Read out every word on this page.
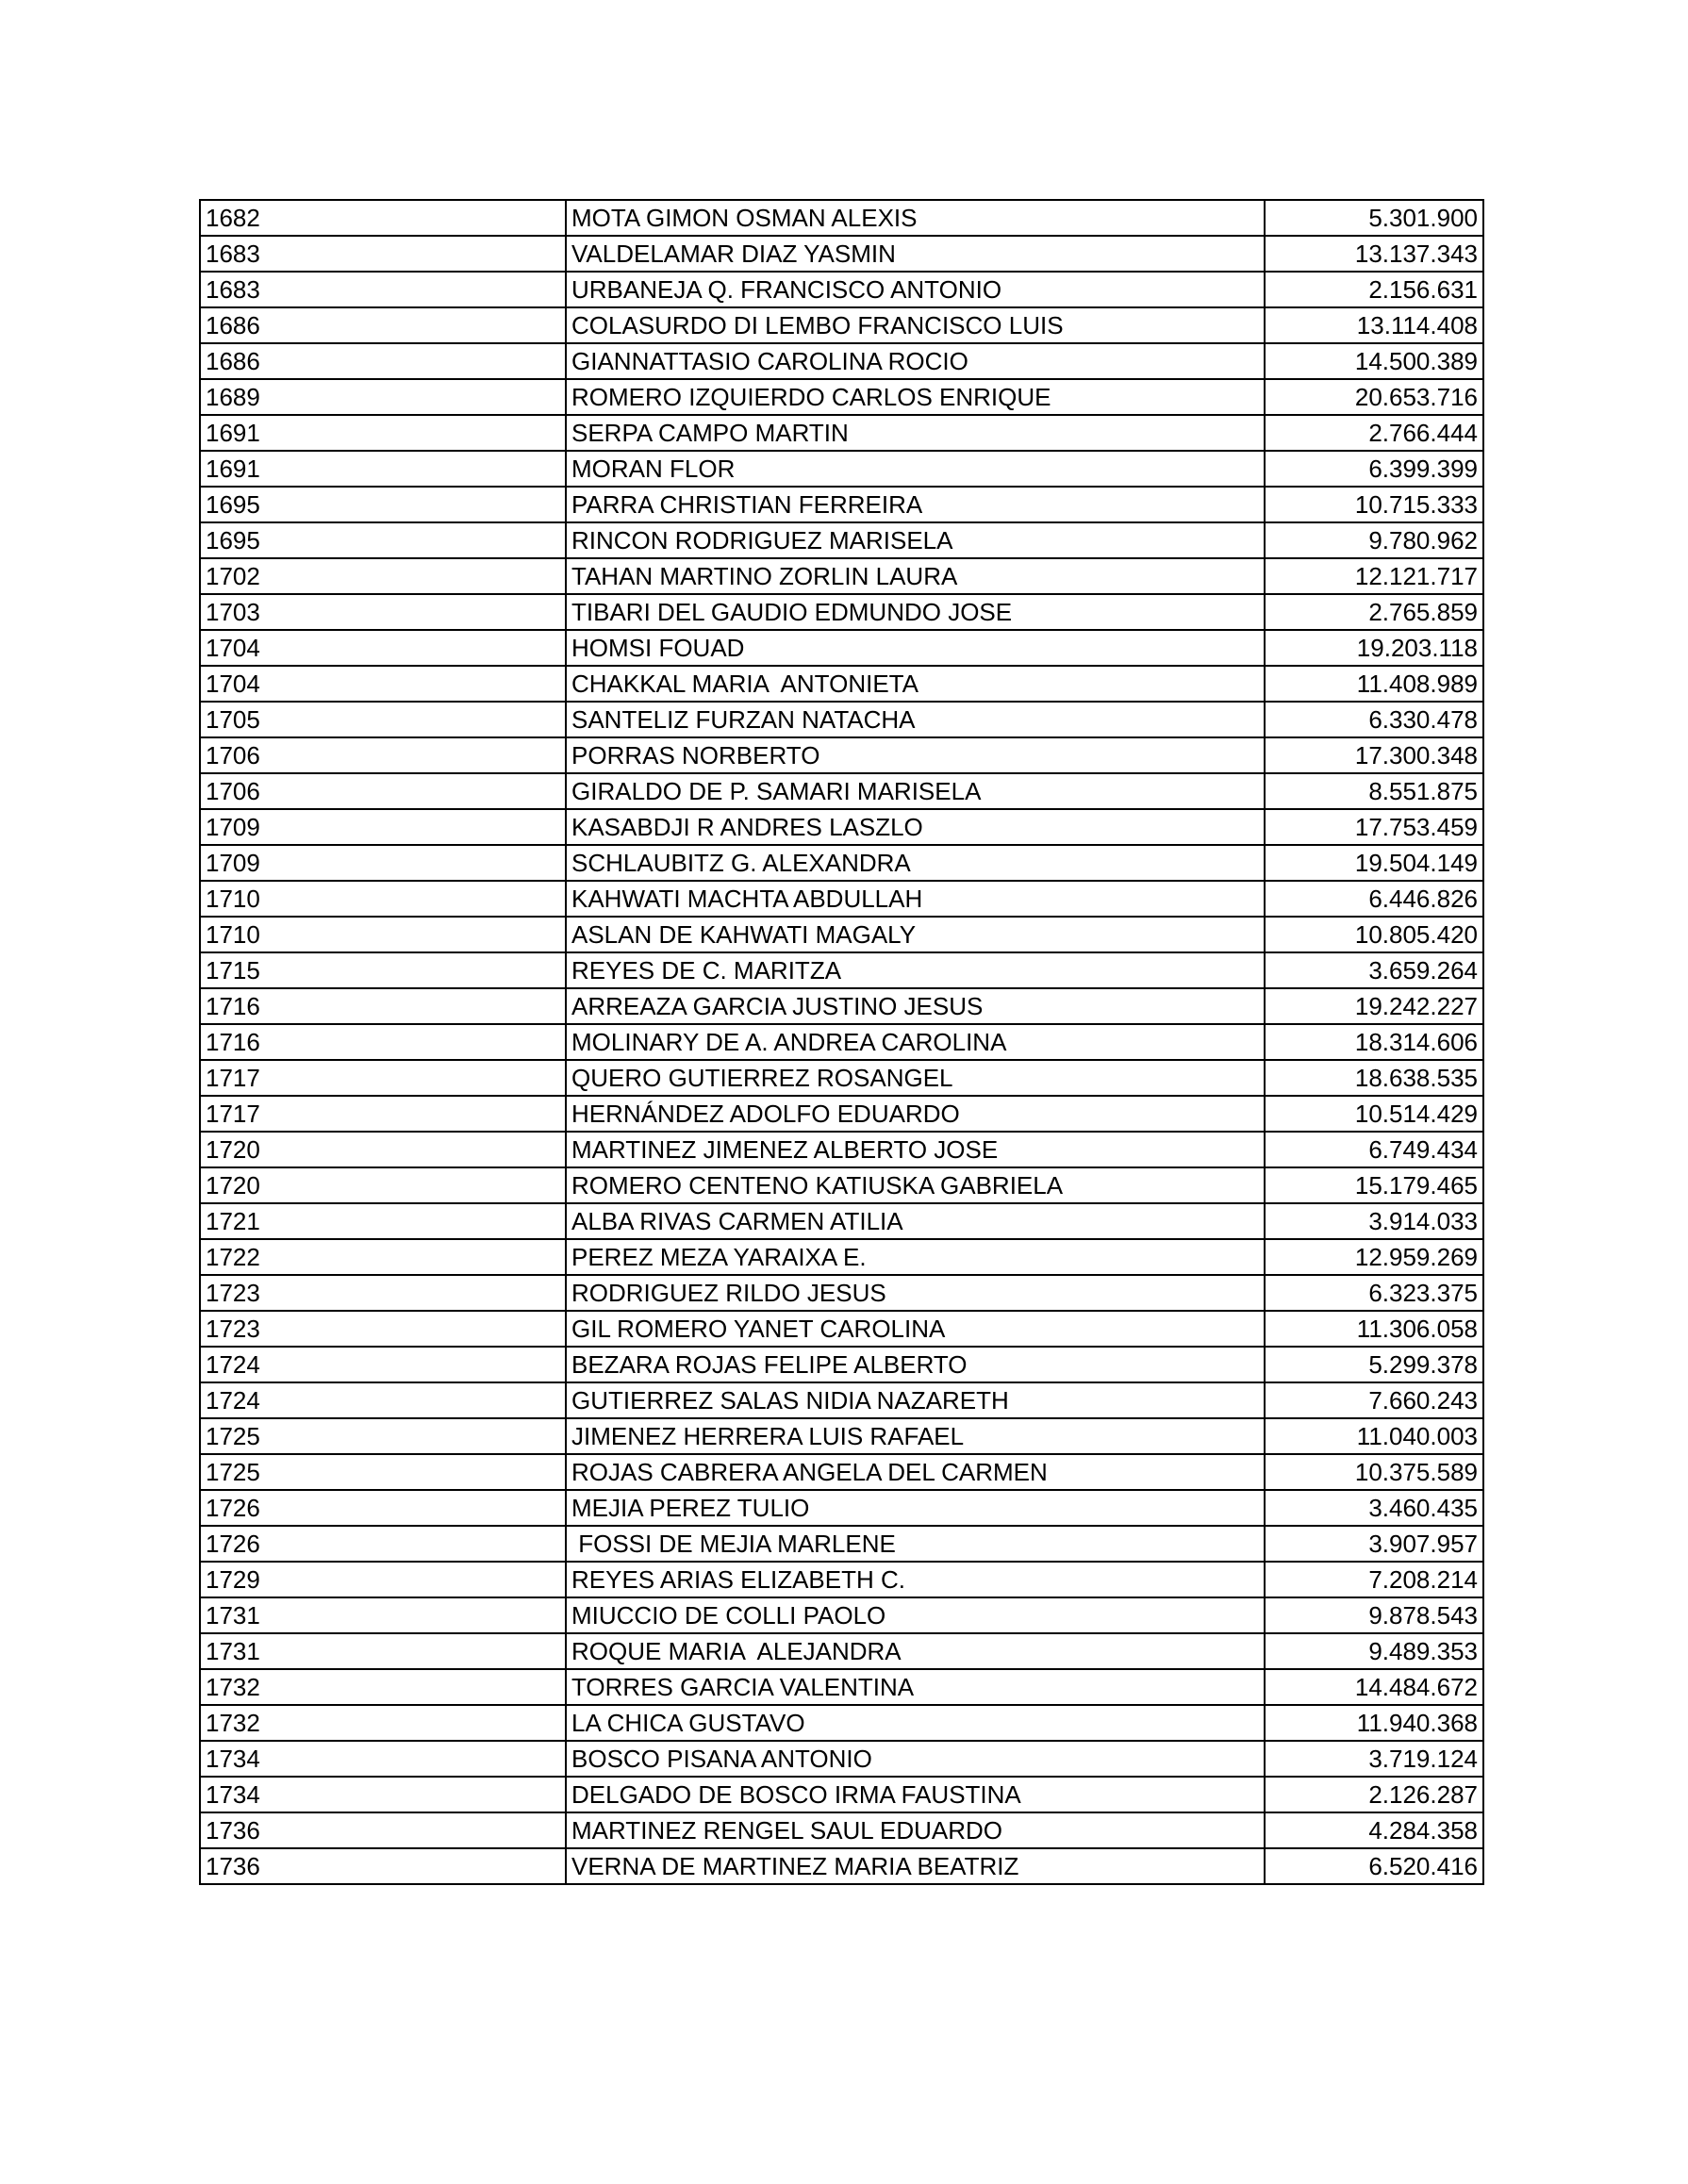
1682	MOTA GIMON OSMAN ALEXIS	5.301.900
1683	VALDELAMAR DIAZ YASMIN	13.137.343
1683	URBANEJA Q. FRANCISCO ANTONIO	2.156.631
1686	COLASURDO DI LEMBO FRANCISCO LUIS	13.114.408
1686	GIANNATTASIO CAROLINA ROCIO	14.500.389
1689	ROMERO IZQUIERDO CARLOS ENRIQUE	20.653.716
1691	SERPA CAMPO MARTIN	2.766.444
1691	MORAN FLOR	6.399.399
1695	PARRA CHRISTIAN FERREIRA	10.715.333
1695	RINCON RODRIGUEZ MARISELA	9.780.962
1702	TAHAN MARTINO ZORLIN LAURA	12.121.717
1703	TIBARI DEL GAUDIO EDMUNDO JOSE	2.765.859
1704	HOMSI FOUAD	19.203.118
1704	CHAKKAL MARIA  ANTONIETA	11.408.989
1705	SANTELIZ FURZAN NATACHA	6.330.478
1706	PORRAS NORBERTO	17.300.348
1706	GIRALDO DE P. SAMARI MARISELA	8.551.875
1709	KASABDJI R ANDRES LASZLO	17.753.459
1709	SCHLAUBITZ G. ALEXANDRA	19.504.149
1710	KAHWATI MACHTA ABDULLAH	6.446.826
1710	ASLAN DE KAHWATI MAGALY	10.805.420
1715	REYES DE C. MARITZA	3.659.264
1716	ARREAZA GARCIA JUSTINO JESUS	19.242.227
1716	MOLINARY DE A. ANDREA CAROLINA	18.314.606
1717	QUERO GUTIERREZ ROSANGEL	18.638.535
1717	HERNÁNDEZ ADOLFO EDUARDO	10.514.429
1720	MARTINEZ JIMENEZ ALBERTO JOSE	6.749.434
1720	ROMERO CENTENO KATIUSKA GABRIELA	15.179.465
1721	ALBA RIVAS CARMEN ATILIA	3.914.033
1722	PEREZ MEZA YARAIXA E.	12.959.269
1723	RODRIGUEZ RILDO JESUS	6.323.375
1723	GIL ROMERO YANET CAROLINA	11.306.058
1724	BEZARA ROJAS FELIPE ALBERTO	5.299.378
1724	GUTIERREZ SALAS NIDIA NAZARETH	7.660.243
1725	JIMENEZ HERRERA LUIS RAFAEL	11.040.003
1725	ROJAS CABRERA ANGELA DEL CARMEN	10.375.589
1726	MEJIA PEREZ TULIO	3.460.435
1726	FOSSI DE MEJIA MARLENE	3.907.957
1729	REYES ARIAS ELIZABETH C.	7.208.214
1731	MIUCCIO DE COLLI PAOLO	9.878.543
1731	ROQUE MARIA  ALEJANDRA	9.489.353
1732	TORRES GARCIA VALENTINA	14.484.672
1732	LA CHICA GUSTAVO	11.940.368
1734	BOSCO PISANA ANTONIO	3.719.124
1734	DELGADO DE BOSCO IRMA FAUSTINA	2.126.287
1736	MARTINEZ RENGEL SAUL EDUARDO	4.284.358
1736	VERNA DE MARTINEZ MARIA BEATRIZ	6.520.416
